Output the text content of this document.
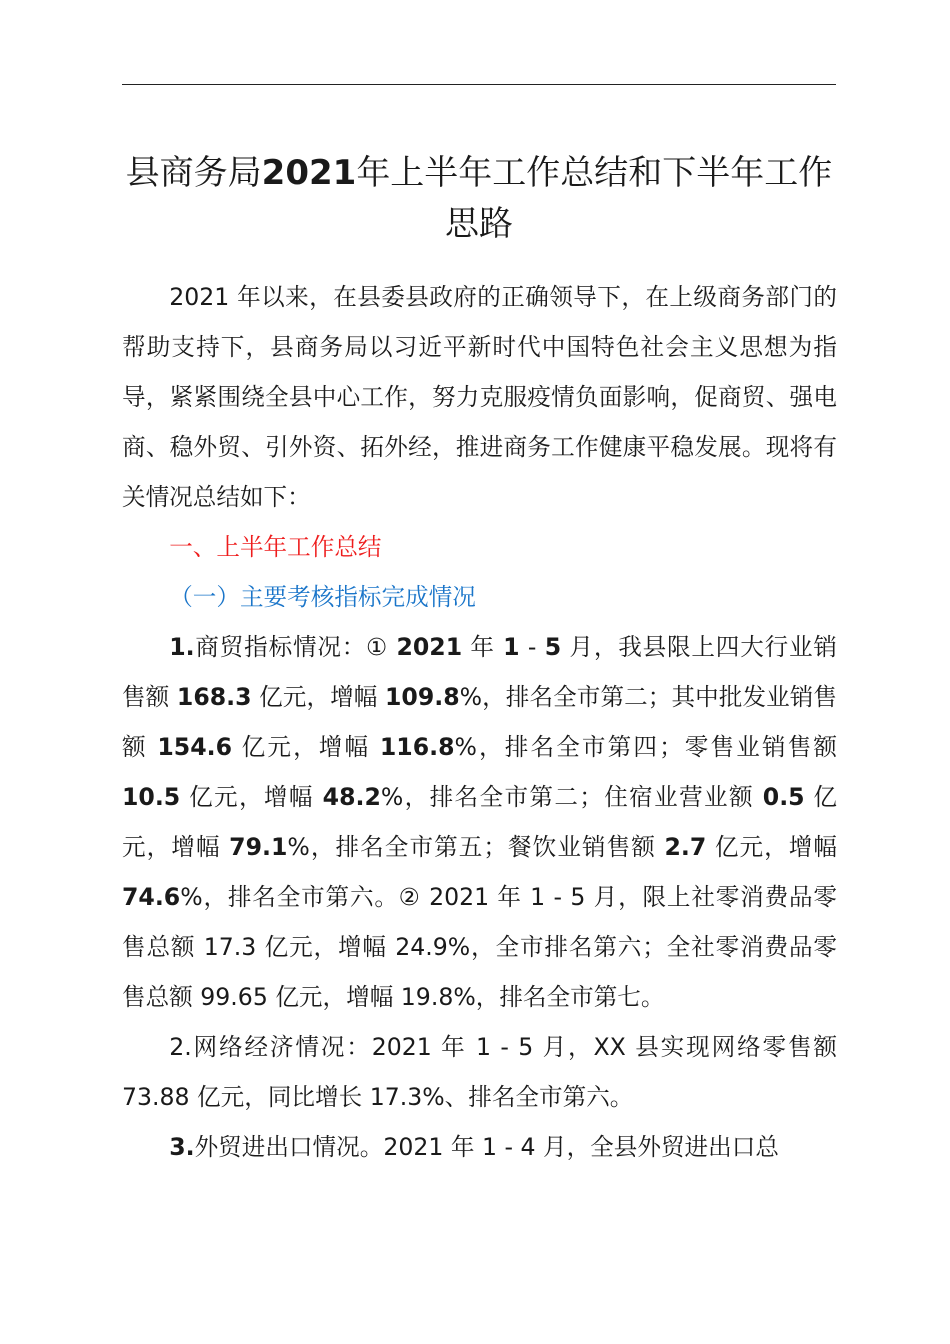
县商务局2021年上半年工作总结和下半年工作思路

2021 年以来，在县委县政府的正确领导下，在上级商务部门的帮助支持下，县商务局以习近平新时代中国特色社会主义思想为指导，紧紧围绕全县中心工作，努力克服疫情负面影响，促商贸、强电商、稳外贸、引外资、拓外经，推进商务工作健康平稳发展。现将有关情况总结如下：

一、上半年工作总结

（一）主要考核指标完成情况

1.商贸指标情况：① 2021 年 1 - 5 月，我县限上四大行业销售额 168.3 亿元，增幅 109.8%，排名全市第二；其中批发业销售额 154.6 亿元，增幅 116.8%，排名全市第四；零售业销售额 10.5 亿元，增幅 48.2%，排名全市第二；住宿业营业额 0.5 亿元，增幅 79.1%，排名全市第五；餐饮业销售额 2.7 亿元，增幅 74.6%，排名全市第六。② 2021 年 1 - 5 月，限上社零消费品零售总额 17.3 亿元，增幅 24.9%，全市排名第六；全社零消费品零售总额 99.65 亿元，增幅 19.8%，排名全市第七。

2.网络经济情况：2021 年 1 - 5 月，XX 县实现网络零售额 73.88 亿元，同比增长 17.3%、排名全市第六。

3.外贸进出口情况。2021 年 1 - 4 月，全县外贸进出口总
